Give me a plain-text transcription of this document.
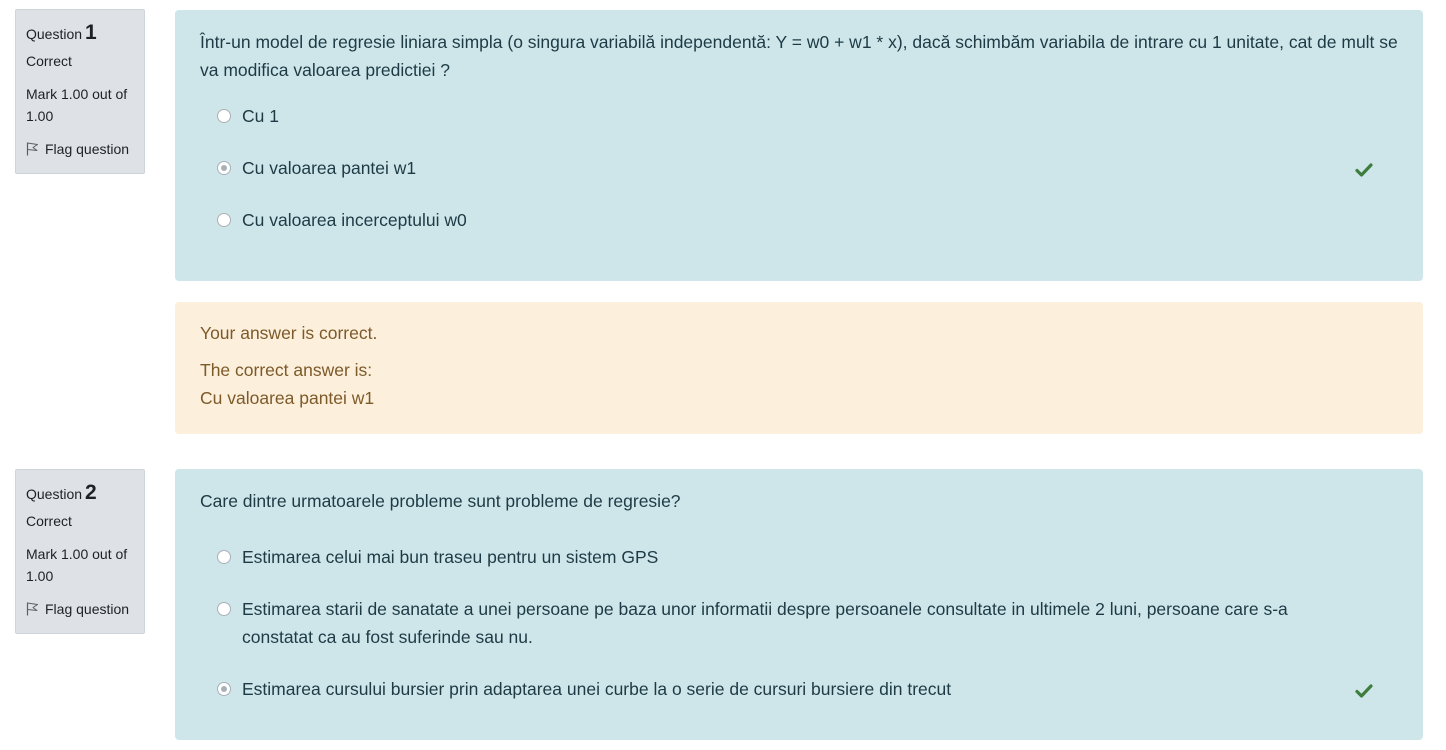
Question 1
Correct
Mark 1.00 out of 1.00
Flag question

Într-un model de regresie liniara simpla (o singura variabilă independentă: Y = w0 + w1 * x), dacă schimbăm variabila de intrare cu 1 unitate, cat de mult se va modifica valoarea predictiei ?

Cu 1
Cu valoarea pantei w1
Cu valoarea incerceptului w0
Your answer is correct.
The correct answer is:
Cu valoarea pantei w1
Question 2
Correct
Mark 1.00 out of 1.00
Flag question

Care dintre urmatoarele probleme sunt probleme de regresie?

Estimarea celui mai bun traseu pentru un sistem GPS
Estimarea starii de sanatate a unei persoane pe baza unor informatii despre persoanele consultate in ultimele 2 luni, persoane care s-a constatat ca au fost suferinde sau nu.
Estimarea cursului bursier prin adaptarea unei curbe la o serie de cursuri bursiere din trecut
